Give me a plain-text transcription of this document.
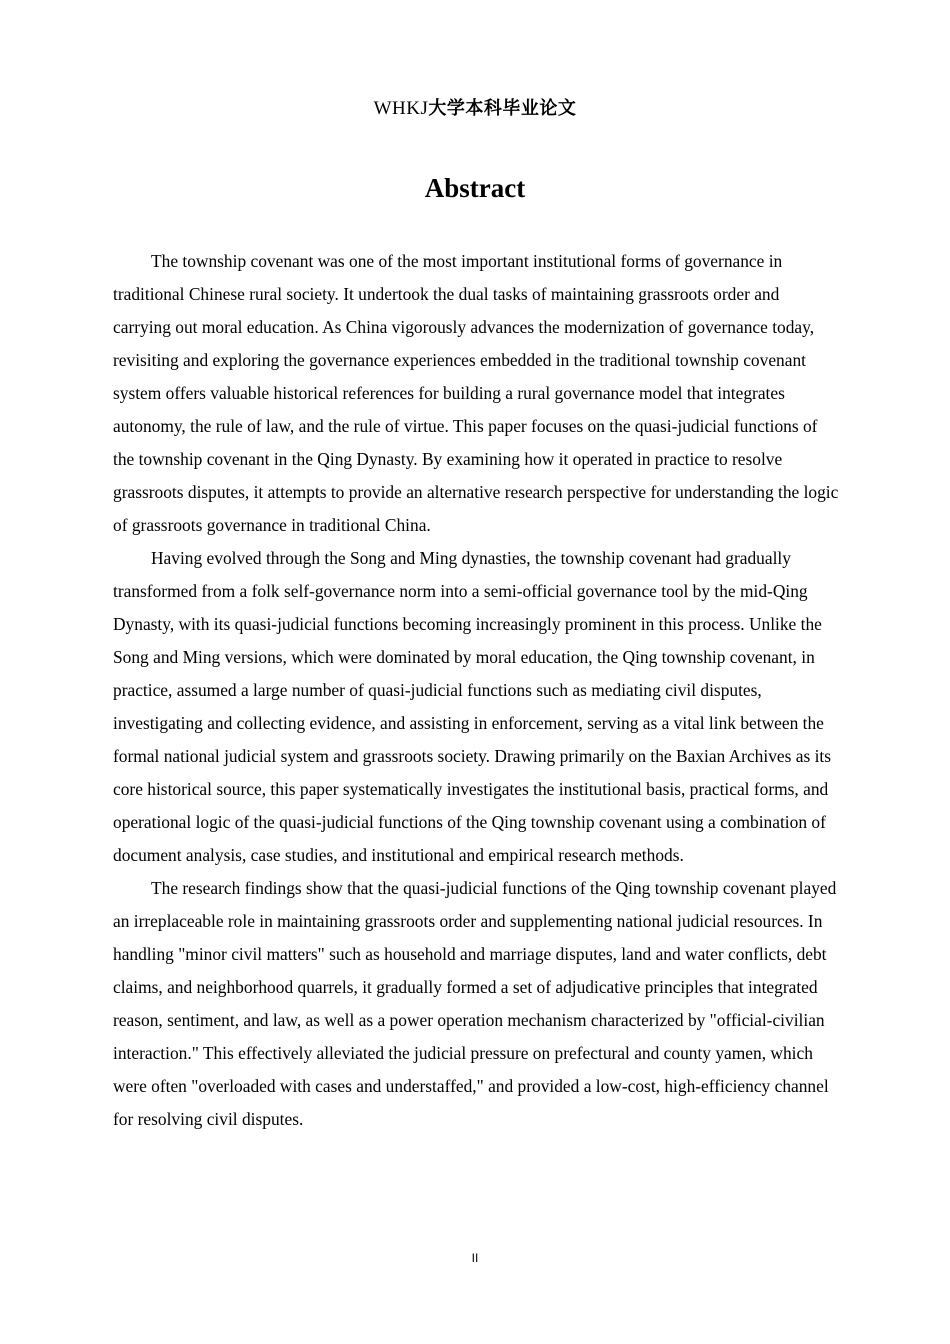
WHKJ大学本科毕业论文
Abstract

The township covenant was one of the most important institutional forms of governance in traditional Chinese rural society. It undertook the dual tasks of maintaining grassroots order and carrying out moral education. As China vigorously advances the modernization of governance today, revisiting and exploring the governance experiences embedded in the traditional township covenant system offers valuable historical references for building a rural governance model that integrates autonomy, the rule of law, and the rule of virtue. This paper focuses on the quasi-judicial functions of the township covenant in the Qing Dynasty. By examining how it operated in practice to resolve grassroots disputes, it attempts to provide an alternative research perspective for understanding the logic of grassroots governance in traditional China.

Having evolved through the Song and Ming dynasties, the township covenant had gradually transformed from a folk self-governance norm into a semi-official governance tool by the mid-Qing Dynasty, with its quasi-judicial functions becoming increasingly prominent in this process. Unlike the Song and Ming versions, which were dominated by moral education, the Qing township covenant, in practice, assumed a large number of quasi-judicial functions such as mediating civil disputes, investigating and collecting evidence, and assisting in enforcement, serving as a vital link between the formal national judicial system and grassroots society. Drawing primarily on the Baxian Archives as its core historical source, this paper systematically investigates the institutional basis, practical forms, and operational logic of the quasi-judicial functions of the Qing township covenant using a combination of document analysis, case studies, and institutional and empirical research methods.

The research findings show that the quasi-judicial functions of the Qing township covenant played an irreplaceable role in maintaining grassroots order and supplementing national judicial resources. In handling "minor civil matters" such as household and marriage disputes, land and water conflicts, debt claims, and neighborhood quarrels, it gradually formed a set of adjudicative principles that integrated reason, sentiment, and law, as well as a power operation mechanism characterized by "official-civilian interaction." This effectively alleviated the judicial pressure on prefectural and county yamen, which were often "overloaded with cases and understaffed," and provided a low-cost, high-efficiency channel for resolving civil disputes.

II
